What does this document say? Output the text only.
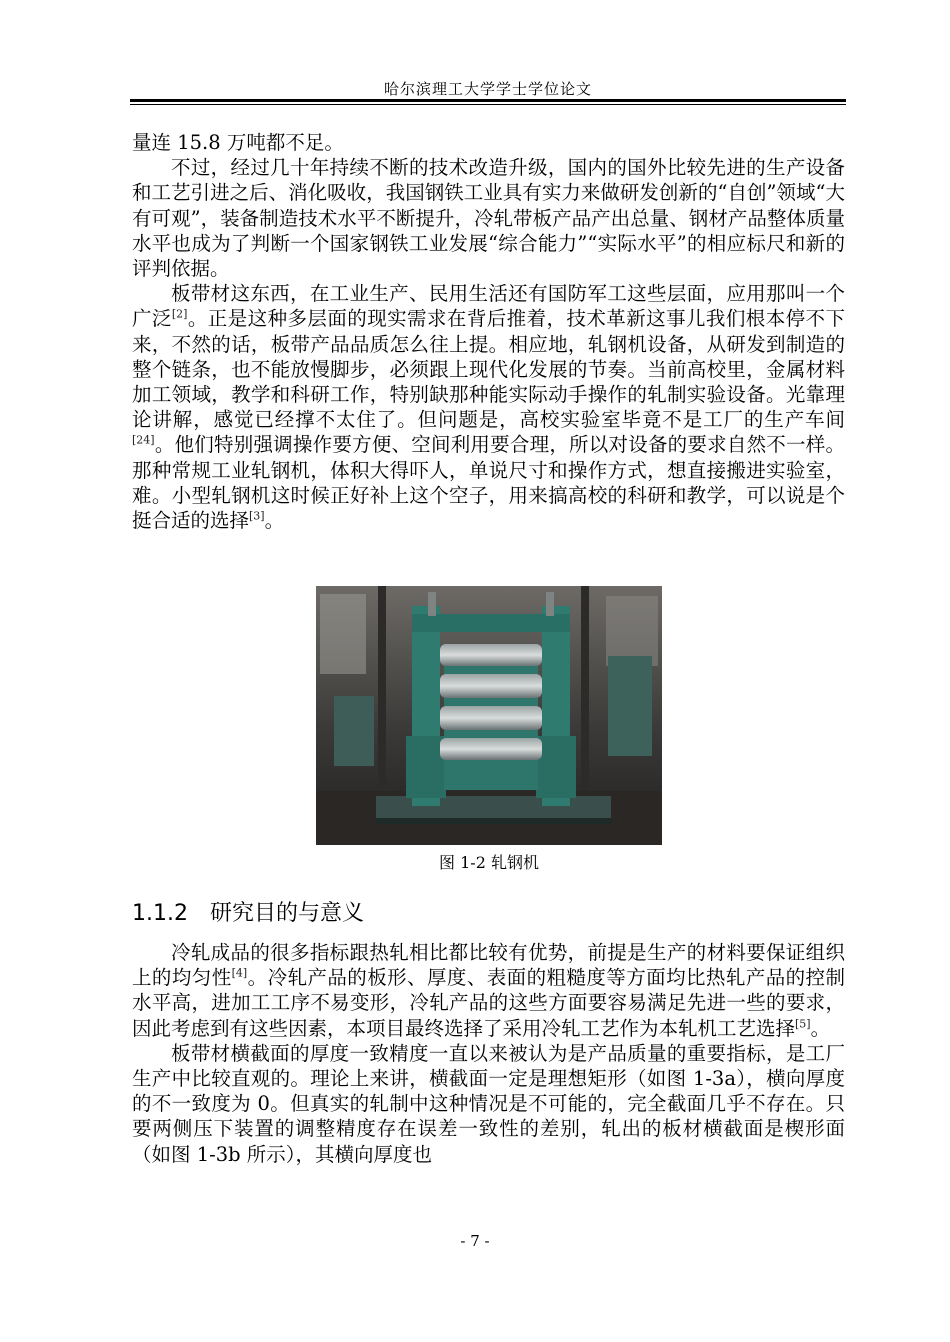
哈尔滨理工大学学士学位论文

量连 15.8 万吨都不足。

不过，经过几十年持续不断的技术改造升级，国内的国外比较先进的生产设备和工艺引进之后、消化吸收，我国钢铁工业具有实力来做研发创新的“自创”领域“大有可观”，装备制造技术水平不断提升，冷轧带板产品产出总量、钢材产品整体质量水平也成为了判断一个国家钢铁工业发展“综合能力”“实际水平”的相应标尺和新的评判依据。

板带材这东西，在工业生产、民用生活还有国防军工这些层面，应用那叫一个广泛[2]。正是这种多层面的现实需求在背后推着，技术革新这事儿我们根本停不下来，不然的话，板带产品品质怎么往上提。相应地，轧钢机设备，从研发到制造的整个链条，也不能放慢脚步，必须跟上现代化发展的节奏。当前高校里，金属材料加工领域，教学和科研工作，特别缺那种能实际动手操作的轧制实验设备。光靠理论讲解，感觉已经撑不太住了。但问题是，高校实验室毕竟不是工厂的生产车间[24]。他们特别强调操作要方便、空间利用要合理，所以对设备的要求自然不一样。那种常规工业轧钢机，体积大得吓人，单说尺寸和操作方式，想直接搬进实验室，难。小型轧钢机这时候正好补上这个空子，用来搞高校的科研和教学，可以说是个挺合适的选择[3]。

图 1-2 轧钢机
1.1.2 研究目的与意义

冷轧成品的很多指标跟热轧相比都比较有优势，前提是生产的材料要保证组织上的均匀性[4]。冷轧产品的板形、厚度、表面的粗糙度等方面均比热轧产品的控制水平高，进加工工序不易变形，冷轧产品的这些方面要容易满足先进一些的要求，因此考虑到有这些因素，本项目最终选择了采用冷轧工艺作为本轧机工艺选择[5]。

板带材横截面的厚度一致精度一直以来被认为是产品质量的重要指标，是工厂生产中比较直观的。理论上来讲，横截面一定是理想矩形（如图 1-3a），横向厚度的不一致度为 0。但真实的轧制中这种情况是不可能的，完全截面几乎不存在。只要两侧压下装置的调整精度存在误差一致性的差别，轧出的板材横截面是楔形面（如图 1-3b 所示），其横向厚度也

- 7 -
